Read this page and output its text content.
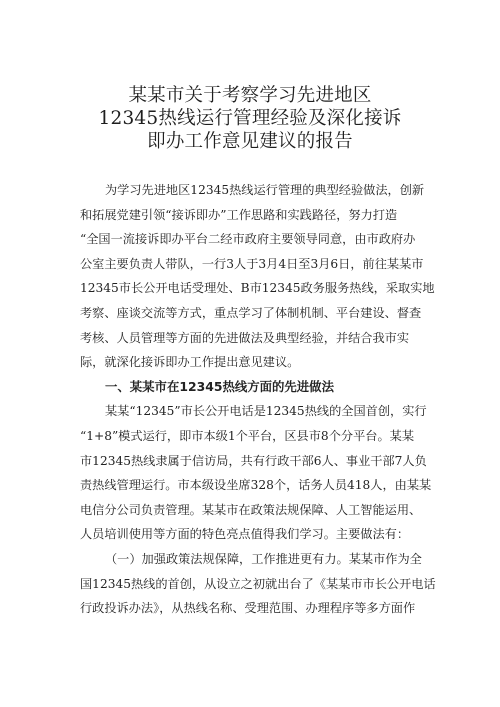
某某市关于考察学习先进地区
12345热线运行管理经验及深化接诉
即办工作意见建议的报告
为学习先进地区12345热线运行管理的典型经验做法，创新
和拓展党建引领“接诉即办”工作思路和实践路径，努力打造
“全国一流接诉即办平台二经市政府主要领导同意，由市政府办
公室主要负责人带队，一行3人于3月4日至3月6日，前往某某市
12345市长公开电话受理处、B市12345政务服务热线，采取实地
考察、座谈交流等方式，重点学习了体制机制、平台建设、督查
考核、人员管理等方面的先进做法及典型经验，并结合我市实
际，就深化接诉即办工作提出意见建议。
一、某某市在12345热线方面的先进做法
某某“12345”市长公开电话是12345热线的全国首创，实行
“1+8”模式运行，即市本级1个平台，区县市8个分平台。某某
市12345热线隶属于信访局，共有行政干部6人、事业干部7人负
责热线管理运行。市本级设坐席328个，话务人员418人，由某某
电信分公司负责管理。某某市在政策法规保障、人工智能运用、
人员培训使用等方面的特色亮点值得我们学习。主要做法有：
（一）加强政策法规保障，工作推进更有力。某某市作为全
国12345热线的首创，从设立之初就出台了《某某市市长公开电话
行政投诉办法》，从热线名称、受理范围、办理程序等多方面作
